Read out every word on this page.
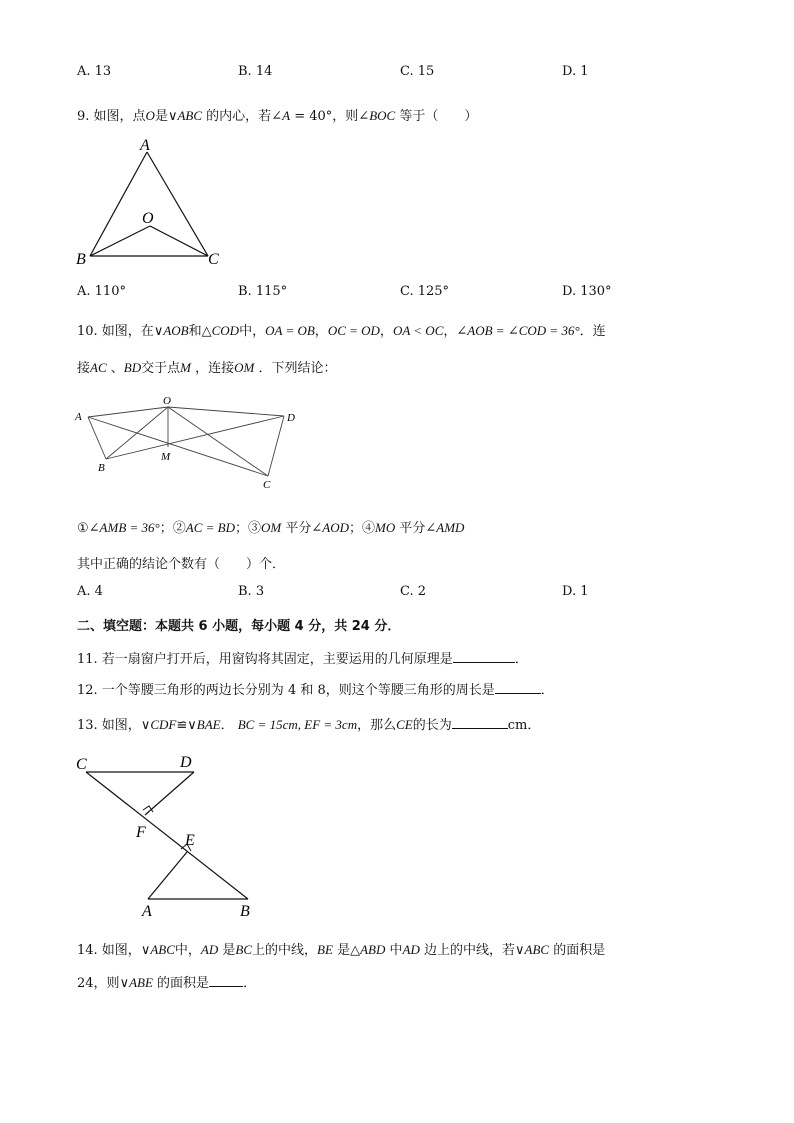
A. 13	B. 14	C. 15	D. 1
9. 如图，点O是∨ABC 的内心，若∠A = 40°，则∠BOC 等于（　　）
A
O
B	C
A. 110°	B. 115°	C. 125°	D. 130°
10. 如图，在∨AOB和△COD中，OA = OB，OC = OD，OA < OC，∠AOB = ∠COD = 36°．连
接AC 、BD交于点M ，连接OM ．下列结论：
A
O
D
B
M
C
①∠AMB = 36°；②AC = BD；③OM 平分∠AOD；④MO 平分∠AMD
其中正确的结论个数有（　　）个．
A. 4	B. 3	C. 2	D. 1
二、填空题：本题共 6 小题，每小题 4 分，共 24 分．
11. 若一扇窗户打开后，用窗钩将其固定，主要运用的几何原理是	．
12. 一个等腰三角形的两边长分别为 4 和 8，则这个等腰三角形的周长是	．
13. 如图，∨CDF≌∨BAE． BC = 15cm, EF = 3cm，那么CE的长为	cm．
C	D
F E
A	B
14. 如图，∨ABC中，AD 是BC上的中线，BE 是△ABD 中AD 边上的中线，若∨ABC 的面积是
24，则∨ABE 的面积是	．
